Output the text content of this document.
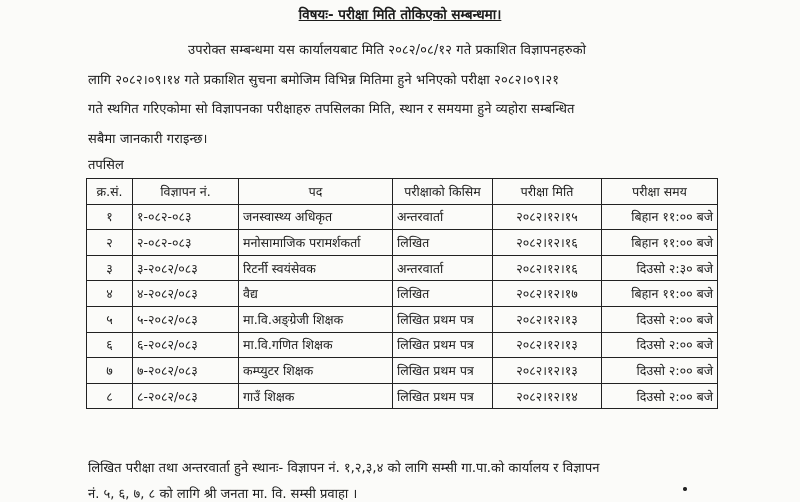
विषयः- परीक्षा मिति तोकिएको सम्बन्धमा।
उपरोक्त सम्बन्धमा यस कार्यालयबाट मिति २०८२/०८/१२ गते प्रकाशित विज्ञापनहरुको
लागि २०८२।०९।१४ गते प्रकाशित सुचना बमोजिम विभिन्न मितिमा हुने भनिएको परीक्षा २०८२।०९।२१
गते स्थगित गरिएकोमा सो विज्ञापनका परीक्षाहरु तपसिलका मिति, स्थान र समयमा हुने व्यहोरा सम्बन्धित
सबैमा जानकारी गराइन्छ।
तपसिल
क्र.सं.	विज्ञापन नं.	पद	परीक्षाको किसिम	परीक्षा मिति	परीक्षा समय
१	१-०८२-०८३	जनस्वास्थ्य अधिकृत	अन्तरवार्ता	२०८२।१२।१५	बिहान ११:०० बजे
२	२-०८२-०८३	मनोसामाजिक परामर्शकर्ता	लिखित	२०८२।१२।१६	बिहान ११:०० बजे
३	३-२०८२/०८३	रिटर्नी स्वयंसेवक	अन्तरवार्ता	२०८२।१२।१६	दिउसो २:३० बजे
४	४-२०८२/०८३	वैद्य	लिखित	२०८२।१२।१७	बिहान ११:०० बजे
५	५-२०८२/०८३	मा.वि.अङ्ग्रेजी शिक्षक	लिखित प्रथम पत्र	२०८२।१२।१३	दिउसो २:०० बजे
६	६-२०८२/०८३	मा.वि.गणित शिक्षक	लिखित प्रथम पत्र	२०८२।१२।१३	दिउसो २:०० बजे
७	७-२०८२/०८३	कम्प्युटर शिक्षक	लिखित प्रथम पत्र	२०८२।१२।१३	दिउसो २:०० बजे
८	८-२०८२/०८३	गाउँ शिक्षक	लिखित प्रथम पत्र	२०८२।१२।१४	दिउसो २:०० बजे
लिखित परीक्षा तथा अन्तरवार्ता हुने स्थानः- विज्ञापन नं. १,२,३,४ को लागि सम्सी गा.पा.को कार्यालय र विज्ञापन
नं. ५, ६, ७, ८ को लागि श्री जनता मा. वि. सम्सी प्रवाहा ।
